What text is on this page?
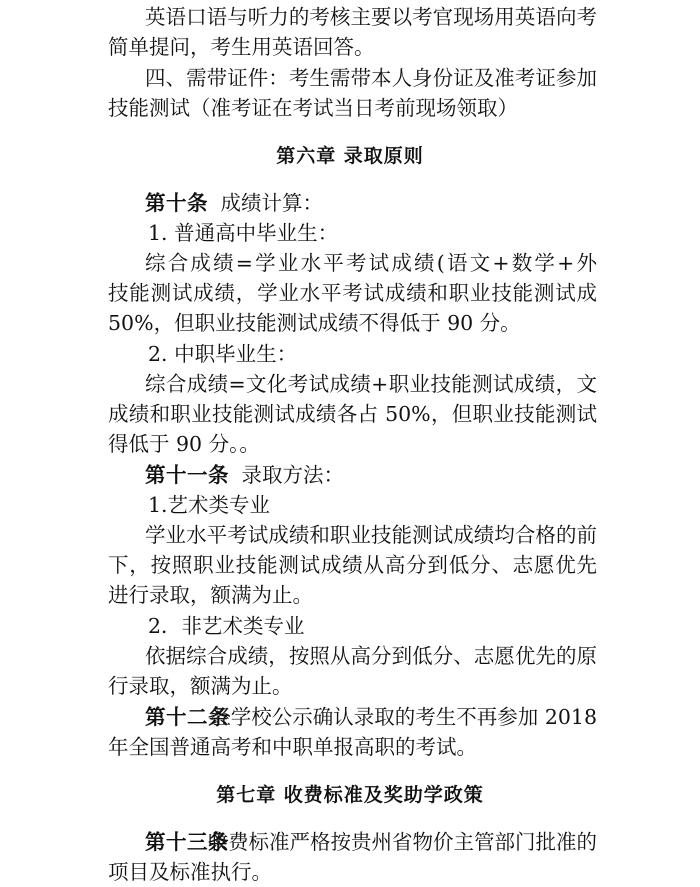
英语口语与听力的考核主要以考官现场用英语向考
简单提问，考生用英语回答。
四、需带证件：考生需带本人身份证及准考证参加
技能测试（准考证在考试当日考前现场领取）
第六章 录取原则
第十条 成绩计算：
1. 普通高中毕业生：
综合成绩=学业水平考试成绩(语文+数学+外
技能测试成绩，学业水平考试成绩和职业技能测试成
50%，但职业技能测试成绩不得低于 90 分。
2. 中职毕业生：
综合成绩=文化考试成绩+职业技能测试成绩，文
成绩和职业技能测试成绩各占 50%，但职业技能测试
得低于 90 分。。
第十一条 录取方法：
1.艺术类专业
学业水平考试成绩和职业技能测试成绩均合格的前
下，按照职业技能测试成绩从高分到低分、志愿优先
进行录取，额满为止。
2．非艺术类专业
依据综合成绩，按照从高分到低分、志愿优先的原
行录取，额满为止。
第十二条
经学校公示确认录取的考生不再参加 2018
年全国普通高考和中职单报高职的考试。
第七章 收费标准及奖助学政策
第十三条
收费标准严格按贵州省物价主管部门批准的
项目及标准执行。
